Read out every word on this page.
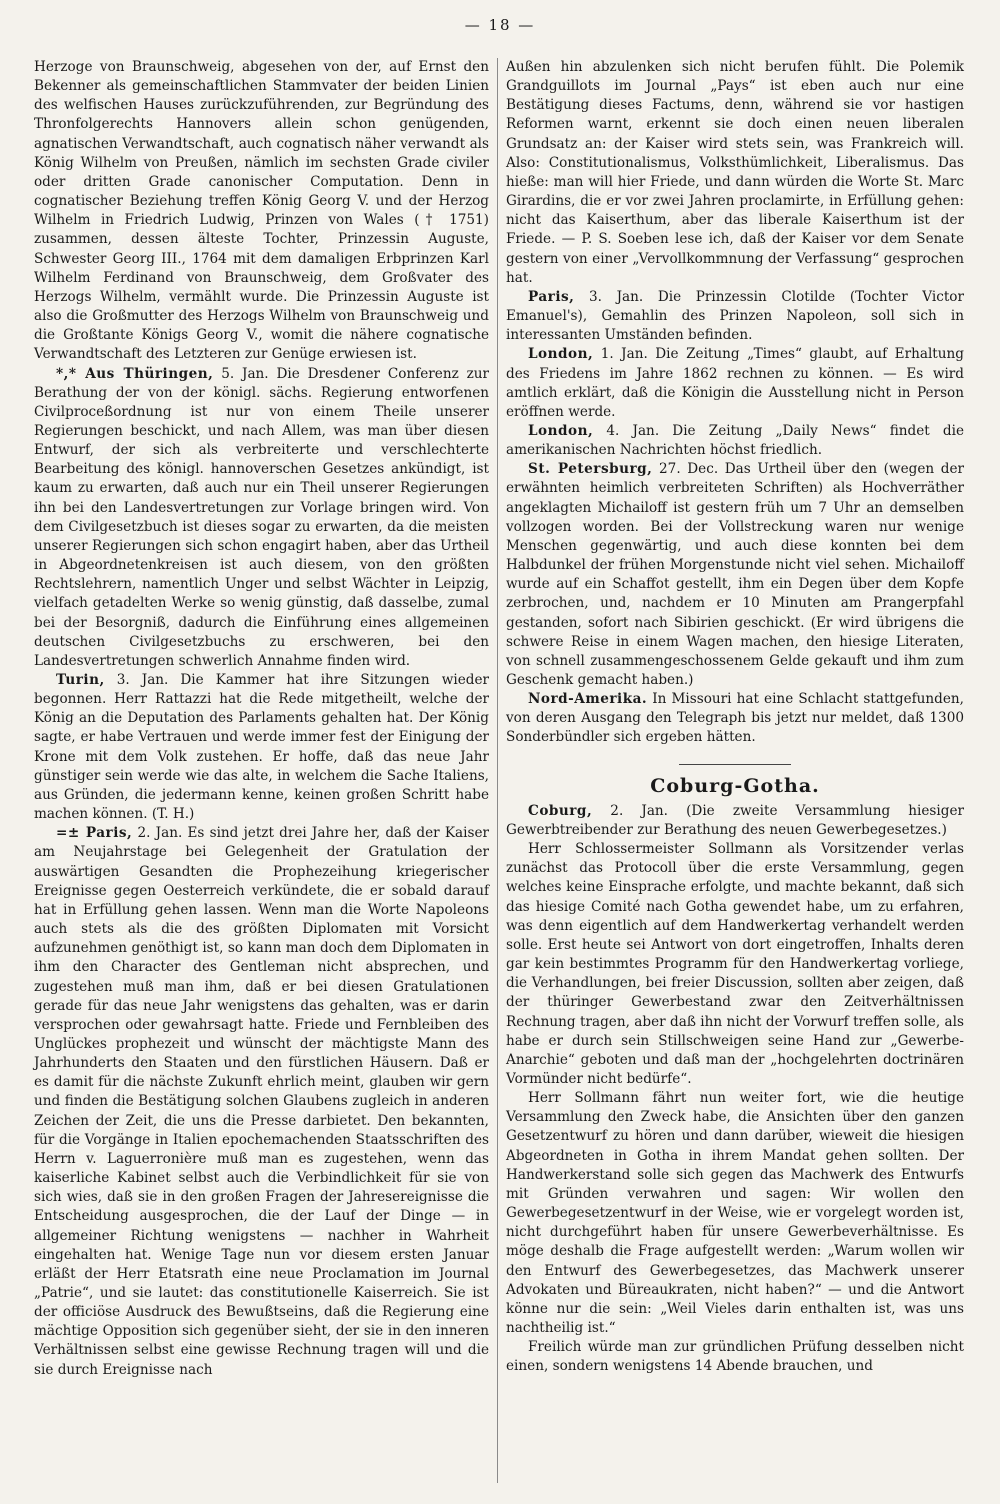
— 18 —

Herzoge von Braunschweig, abgesehen von der, auf Ernst den Bekenner als gemeinschaftlichen Stammvater der beiden Linien des welfischen Hauses zurückzuführenden, zur Begründung des Thronfolgerechts Hannovers allein schon genügenden, agnatischen Verwandtschaft, auch cognatisch näher verwandt als König Wilhelm von Preußen, nämlich im sechsten Grade civiler oder dritten Grade canonischer Computation. Denn in cognatischer Beziehung treffen König Georg V. und der Herzog Wilhelm in Friedrich Ludwig, Prinzen von Wales († 1751) zusammen, dessen älteste Tochter, Prinzessin Auguste, Schwester Georg III., 1764 mit dem damaligen Erbprinzen Karl Wilhelm Ferdinand von Braunschweig, dem Großvater des Herzogs Wilhelm, vermählt wurde. Die Prinzessin Auguste ist also die Großmutter des Herzogs Wilhelm von Braunschweig und die Großtante Königs Georg V., womit die nähere cognatische Verwandtschaft des Letzteren zur Genüge erwiesen ist.

*,* Aus Thüringen, 5. Jan. Die Dresdener Conferenz zur Berathung der von der königl. sächs. Regierung entworfenen Civilproceßordnung ist nur von einem Theile unserer Regierungen beschickt, und nach Allem, was man über diesen Entwurf, der sich als verbreiterte und verschlechterte Bearbeitung des königl. hannoverschen Gesetzes ankündigt, ist kaum zu erwarten, daß auch nur ein Theil unserer Regierungen ihn bei den Landesvertretungen zur Vorlage bringen wird. Von dem Civilgesetzbuch ist dieses sogar zu erwarten, da die meisten unserer Regierungen sich schon engagirt haben, aber das Urtheil in Abgeordnetenkreisen ist auch diesem, von den größten Rechtslehrern, namentlich Unger und selbst Wächter in Leipzig, vielfach getadelten Werke so wenig günstig, daß dasselbe, zumal bei der Besorgniß, dadurch die Einführung eines allgemeinen deutschen Civilgesetzbuchs zu erschweren, bei den Landesvertretungen schwerlich Annahme finden wird.

Turin, 3. Jan. Die Kammer hat ihre Sitzungen wieder begonnen. Herr Rattazzi hat die Rede mitgetheilt, welche der König an die Deputation des Parlaments gehalten hat. Der König sagte, er habe Vertrauen und werde immer fest der Einigung der Krone mit dem Volk zustehen. Er hoffe, daß das neue Jahr günstiger sein werde wie das alte, in welchem die Sache Italiens, aus Gründen, die jedermann kenne, keinen großen Schritt habe machen können. (T. H.)

=± Paris, 2. Jan. Es sind jetzt drei Jahre her, daß der Kaiser am Neujahrstage bei Gelegenheit der Gratulation der auswärtigen Gesandten die Prophezeihung kriegerischer Ereignisse gegen Oesterreich verkündete, die er sobald darauf hat in Erfüllung gehen lassen. Wenn man die Worte Napoleons auch stets als die des größten Diplomaten mit Vorsicht aufzunehmen genöthigt ist, so kann man doch dem Diplomaten in ihm den Character des Gentleman nicht absprechen, und zugestehen muß man ihm, daß er bei diesen Gratulationen gerade für das neue Jahr wenigstens das gehalten, was er darin versprochen oder gewahrsagt hatte. Friede und Fernbleiben des Unglückes prophezeit und wünscht der mächtigste Mann des Jahrhunderts den Staaten und den fürstlichen Häusern. Daß er es damit für die nächste Zukunft ehrlich meint, glauben wir gern und finden die Bestätigung solchen Glaubens zugleich in anderen Zeichen der Zeit, die uns die Presse darbietet. Den bekannten, für die Vorgänge in Italien epochemachenden Staatsschriften des Herrn v. Laguerronière muß man es zugestehen, wenn das kaiserliche Kabinet selbst auch die Verbindlichkeit für sie von sich wies, daß sie in den großen Fragen der Jahresereignisse die Entscheidung ausgesprochen, die der Lauf der Dinge — in allgemeiner Richtung wenigstens — nachher in Wahrheit eingehalten hat. Wenige Tage nun vor diesem ersten Januar erläßt der Herr Etatsrath eine neue Proclamation im Journal „Patrie“, und sie lautet: das constitutionelle Kaiserreich. Sie ist der officiöse Ausdruck des Bewußtseins, daß die Regierung eine mächtige Opposition sich gegenüber sieht, der sie in den inneren Verhältnissen selbst eine gewisse Rechnung tragen will und die sie durch Ereignisse nach

Außen hin abzulenken sich nicht berufen fühlt. Die Polemik Grandguillots im Journal „Pays“ ist eben auch nur eine Bestätigung dieses Factums, denn, während sie vor hastigen Reformen warnt, erkennt sie doch einen neuen liberalen Grundsatz an: der Kaiser wird stets sein, was Frankreich will. Also: Constitutionalismus, Volksthümlichkeit, Liberalismus. Das hieße: man will hier Friede, und dann würden die Worte St. Marc Girardins, die er vor zwei Jahren proclamirte, in Erfüllung gehen: nicht das Kaiserthum, aber das liberale Kaiserthum ist der Friede. — P. S. Soeben lese ich, daß der Kaiser vor dem Senate gestern von einer „Vervollkommnung der Verfassung“ gesprochen hat.

Paris, 3. Jan. Die Prinzessin Clotilde (Tochter Victor Emanuel's), Gemahlin des Prinzen Napoleon, soll sich in interessanten Umständen befinden.

London, 1. Jan. Die Zeitung „Times“ glaubt, auf Erhaltung des Friedens im Jahre 1862 rechnen zu können. — Es wird amtlich erklärt, daß die Königin die Ausstellung nicht in Person eröffnen werde.

London, 4. Jan. Die Zeitung „Daily News“ findet die amerikanischen Nachrichten höchst friedlich.

St. Petersburg, 27. Dec. Das Urtheil über den (wegen der erwähnten heimlich verbreiteten Schriften) als Hochverräther angeklagten Michailoff ist gestern früh um 7 Uhr an demselben vollzogen worden. Bei der Vollstreckung waren nur wenige Menschen gegenwärtig, und auch diese konnten bei dem Halbdunkel der frühen Morgenstunde nicht viel sehen. Michailoff wurde auf ein Schaffot gestellt, ihm ein Degen über dem Kopfe zerbrochen, und, nachdem er 10 Minuten am Prangerpfahl gestanden, sofort nach Sibirien geschickt. (Er wird übrigens die schwere Reise in einem Wagen machen, den hiesige Literaten, von schnell zusammengeschossenem Gelde gekauft und ihm zum Geschenk gemacht haben.)

Nord-Amerika. In Missouri hat eine Schlacht stattgefunden, von deren Ausgang den Telegraph bis jetzt nur meldet, daß 1300 Sonderbündler sich ergeben hätten.

Coburg-Gotha.

Coburg, 2. Jan. (Die zweite Versammlung hiesiger Gewerbtreibender zur Berathung des neuen Gewerbegesetzes.)

Herr Schlossermeister Sollmann als Vorsitzender verlas zunächst das Protocoll über die erste Versammlung, gegen welches keine Einsprache erfolgte, und machte bekannt, daß sich das hiesige Comité nach Gotha gewendet habe, um zu erfahren, was denn eigentlich auf dem Handwerkertag verhandelt werden solle. Erst heute sei Antwort von dort eingetroffen, Inhalts deren gar kein bestimmtes Programm für den Handwerkertag vorliege, die Verhandlungen, bei freier Discussion, sollten aber zeigen, daß der thüringer Gewerbestand zwar den Zeitverhältnissen Rechnung tragen, aber daß ihn nicht der Vorwurf treffen solle, als habe er durch sein Stillschweigen seine Hand zur „Gewerbe-Anarchie“ geboten und daß man der „hochgelehrten doctrinären Vormünder nicht bedürfe“.

Herr Sollmann fährt nun weiter fort, wie die heutige Versammlung den Zweck habe, die Ansichten über den ganzen Gesetzentwurf zu hören und dann darüber, wieweit die hiesigen Abgeordneten in Gotha in ihrem Mandat gehen sollten. Der Handwerkerstand solle sich gegen das Machwerk des Entwurfs mit Gründen verwahren und sagen: Wir wollen den Gewerbegesetzentwurf in der Weise, wie er vorgelegt worden ist, nicht durchgeführt haben für unsere Gewerbeverhältnisse. Es möge deshalb die Frage aufgestellt werden: „Warum wollen wir den Entwurf des Gewerbegesetzes, das Machwerk unserer Advokaten und Büreaukraten, nicht haben?“ — und die Antwort könne nur die sein: „Weil Vieles darin enthalten ist, was uns nachtheilig ist.“

Freilich würde man zur gründlichen Prüfung desselben nicht einen, sondern wenigstens 14 Abende brauchen, und
